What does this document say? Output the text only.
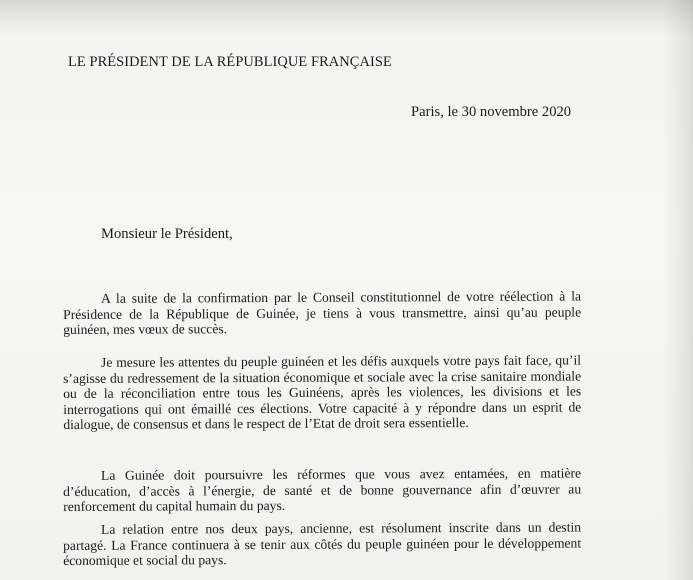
LE PRÉSIDENT DE LA RÉPUBLIQUE FRANÇAISE
Paris, le 30 novembre 2020
Monsieur le Président,

A la suite de la confirmation par le Conseil constitutionnel de votre réélection à la Présidence de la République de Guinée, je tiens à vous transmettre, ainsi qu’au peuple guinéen, mes vœux de succès.

Je mesure les attentes du peuple guinéen et les défis auxquels votre pays fait face, qu’il s’agisse du redressement de la situation économique et sociale avec la crise sanitaire mondiale ou de la réconciliation entre tous les Guinéens, après les violences, les divisions et les interrogations qui ont émaillé ces élections. Votre capacité à y répondre dans un esprit de dialogue, de consensus et dans le respect de l’Etat de droit sera essentielle.

La Guinée doit poursuivre les réformes que vous avez entamées, en matière d’éducation, d’accès à l’énergie, de santé et de bonne gouvernance afin d’œuvrer au renforcement du capital humain du pays.

La relation entre nos deux pays, ancienne, est résolument inscrite dans un destin partagé. La France continuera à se tenir aux côtés du peuple guinéen pour le développement économique et social du pays.
